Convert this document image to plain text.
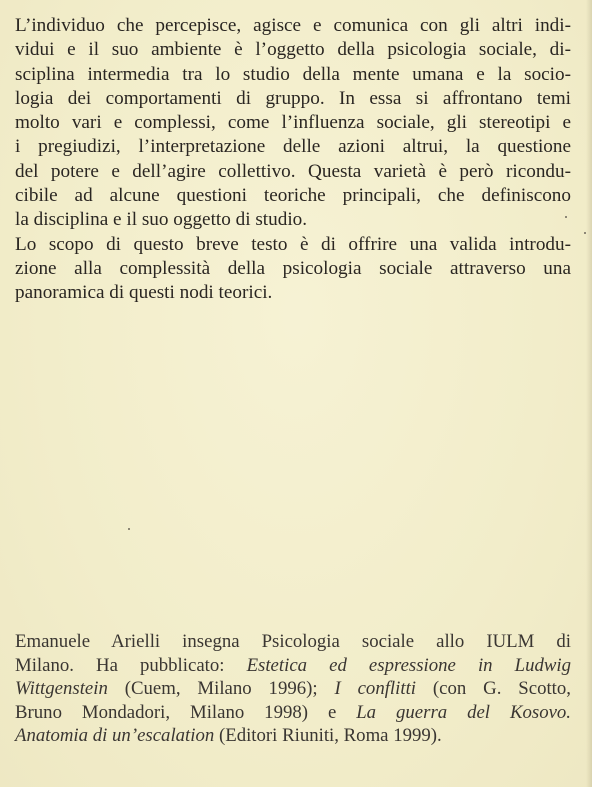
L’individuo che percepisce, agisce e comunica con gli altri indi-
vidui e il suo ambiente è l’oggetto della psicologia sociale, di-
sciplina intermedia tra lo studio della mente umana e la socio-
logia dei comportamenti di gruppo. In essa si affrontano temi
molto vari e complessi, come l’influenza sociale, gli stereotipi e
i pregiudizi, l’interpretazione delle azioni altrui, la questione
del potere e dell’agire collettivo. Questa varietà è però ricondu-
cibile ad alcune questioni teoriche principali, che definiscono
la disciplina e il suo oggetto di studio.
Lo scopo di questo breve testo è di offrire una valida introdu-
zione alla complessità della psicologia sociale attraverso una
panoramica di questi nodi teorici.
Emanuele Arielli insegna Psicologia sociale allo IULM di
Milano. Ha pubblicato: Estetica ed espressione in Ludwig
Wittgenstein (Cuem, Milano 1996); I conflitti (con G. Scotto,
Bruno Mondadori, Milano 1998) e La guerra del Kosovo.
Anatomia di un’escalation (Editori Riuniti, Roma 1999).
